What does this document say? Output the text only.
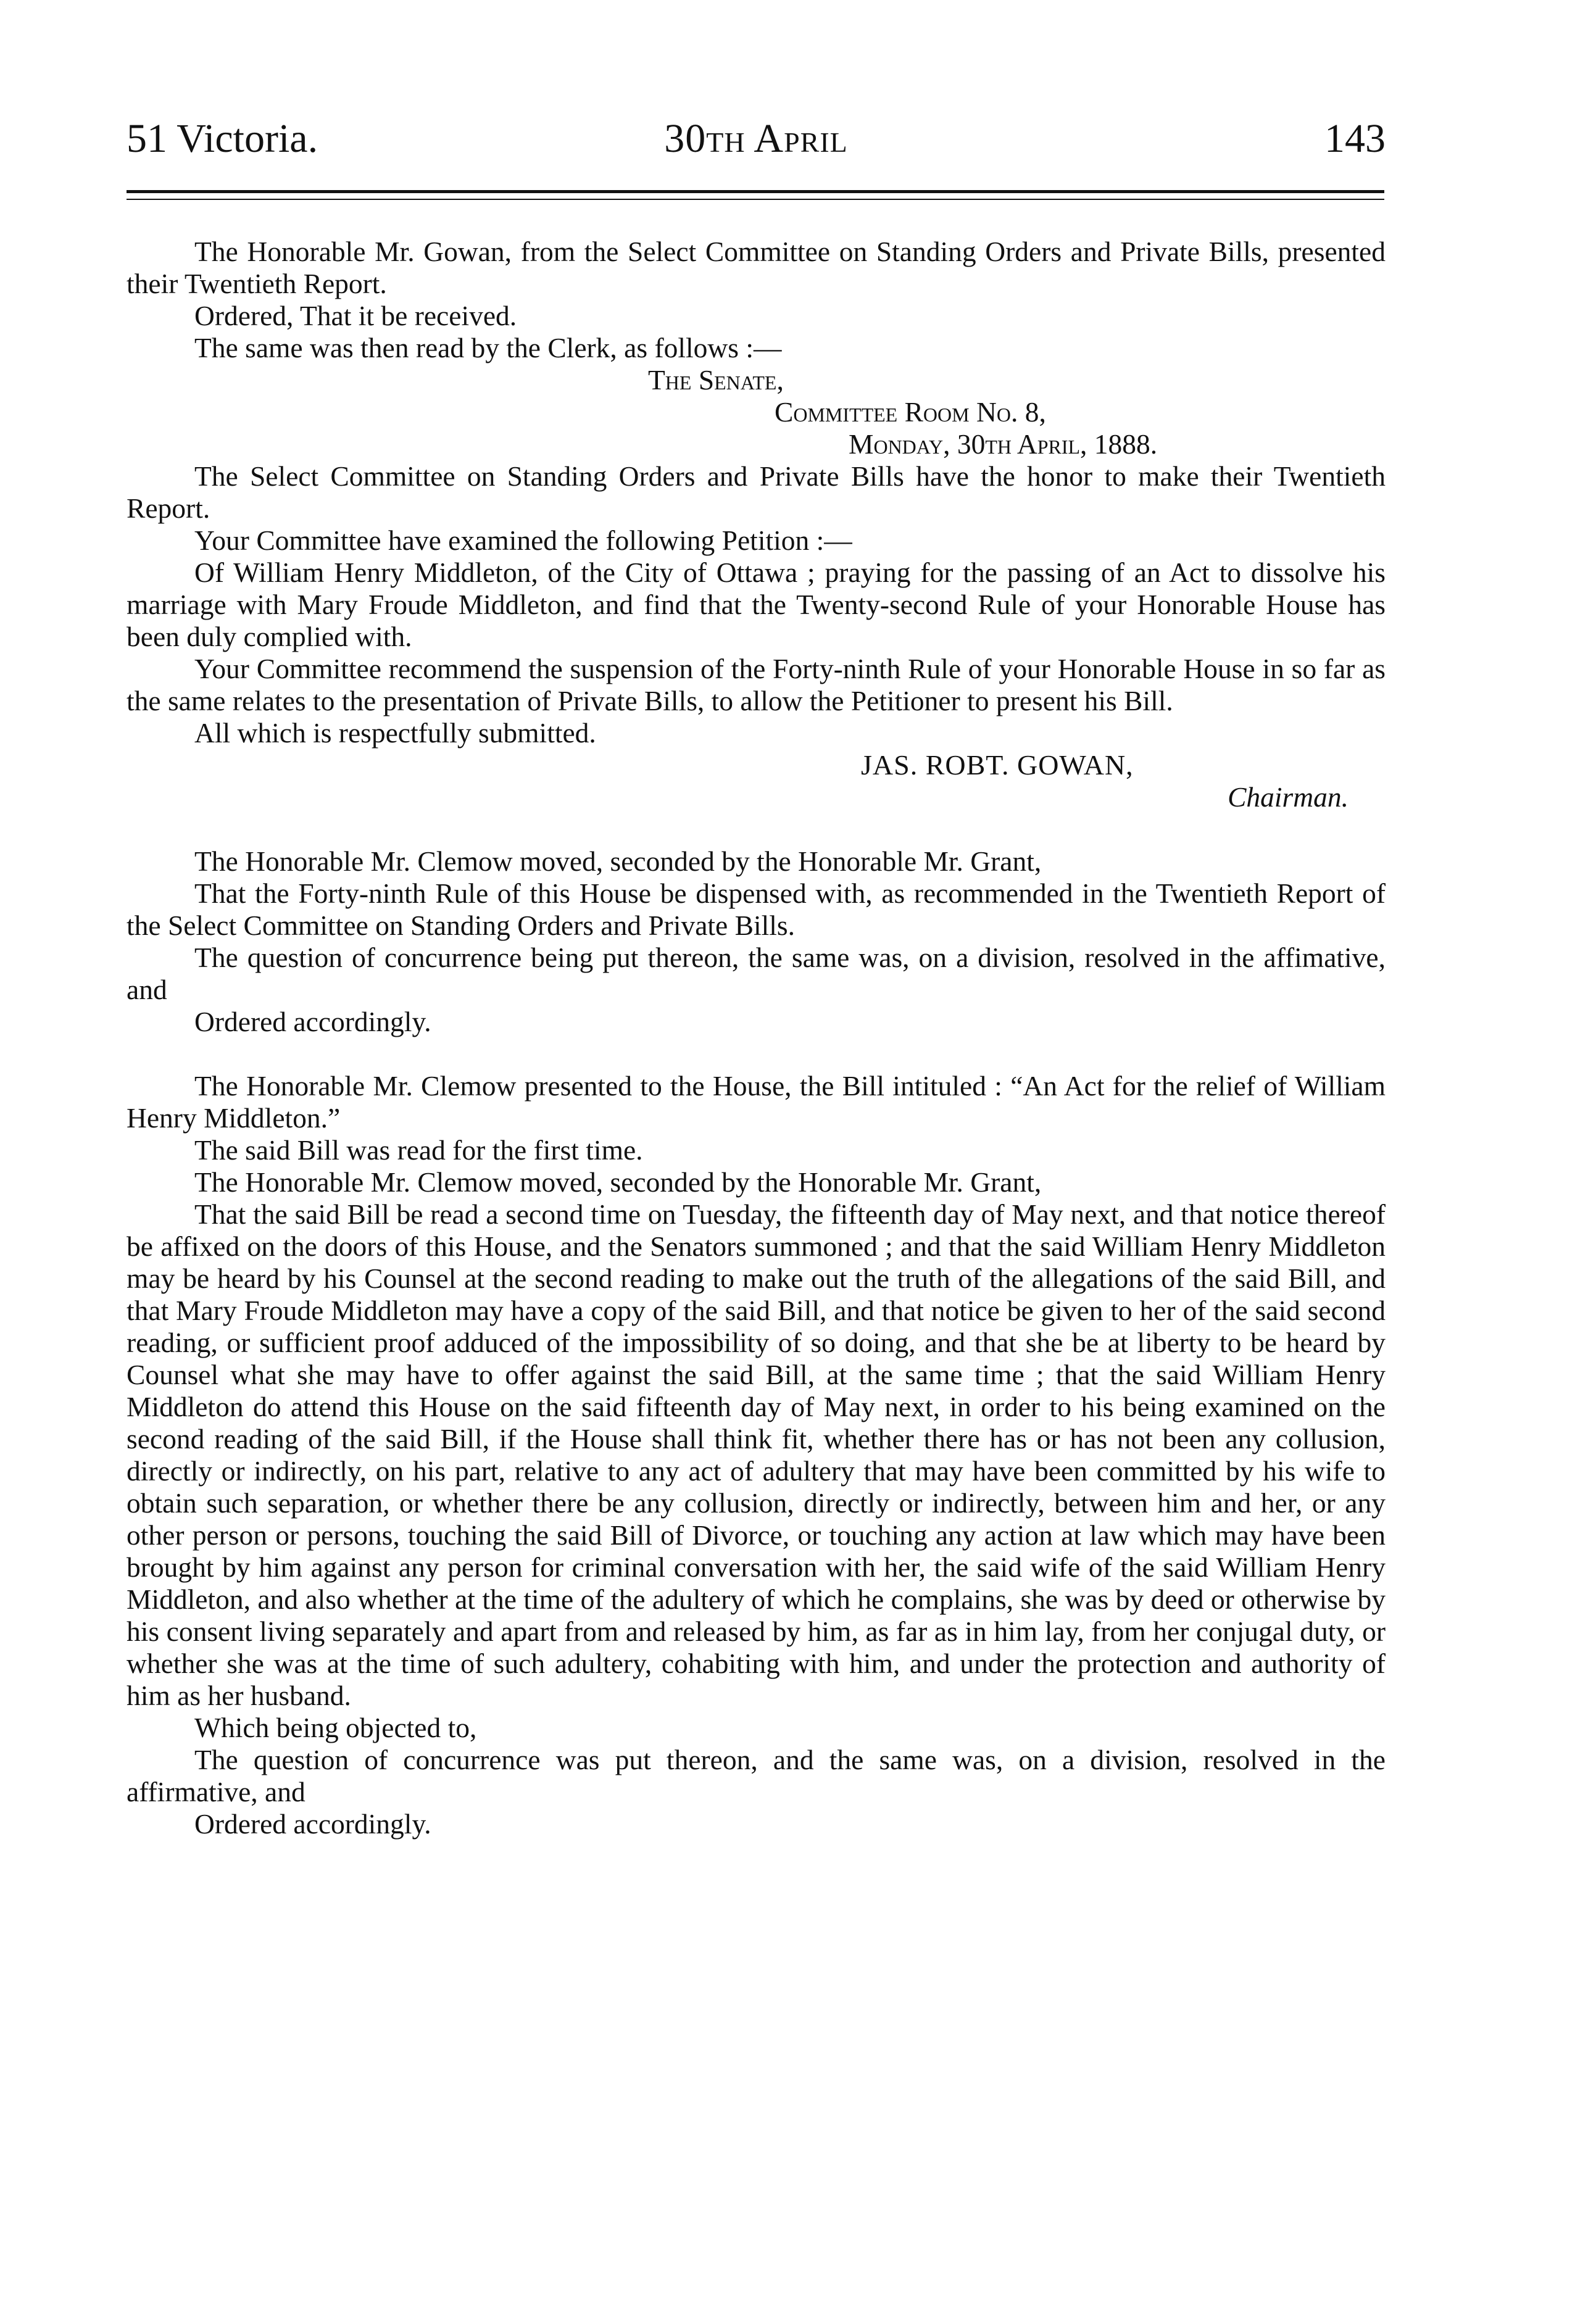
51 Victoria.	30th April	143

The Honorable Mr. Gowan, from the Select Committee on Standing Orders and Private Bills, presented their Twentieth Report.

Ordered, That it be received.

The same was then read by the Clerk, as follows :—

The Senate,

Committee Room No. 8,

Monday, 30th April, 1888.

The Select Committee on Standing Orders and Private Bills have the honor to make their Twentieth Report.

Your Committee have examined the following Petition :—

Of William Henry Middleton, of the City of Ottawa ; praying for the passing of an Act to dissolve his marriage with Mary Froude Middleton, and find that the Twenty-second Rule of your Honorable House has been duly complied with.

Your Committee recommend the suspension of the Forty-ninth Rule of your Honorable House in so far as the same relates to the presentation of Private Bills, to allow the Petitioner to present his Bill.

All which is respectfully submitted.

JAS. ROBT. GOWAN,

Chairman.

The Honorable Mr. Clemow moved, seconded by the Honorable Mr. Grant,

That the Forty-ninth Rule of this House be dispensed with, as recommended in the Twentieth Report of the Select Committee on Standing Orders and Private Bills.

The question of concurrence being put thereon, the same was, on a division, resolved in the affimative, and

Ordered accordingly.

The Honorable Mr. Clemow presented to the House, the Bill intituled : “An Act for the relief of William Henry Middleton.”

The said Bill was read for the first time.

The Honorable Mr. Clemow moved, seconded by the Honorable Mr. Grant,

That the said Bill be read a second time on Tuesday, the fifteenth day of May next, and that notice thereof be affixed on the doors of this House, and the Senators summoned ; and that the said William Henry Middleton may be heard by his Counsel at the second reading to make out the truth of the allegations of the said Bill, and that Mary Froude Middleton may have a copy of the said Bill, and that notice be given to her of the said second reading, or sufficient proof adduced of the impossibility of so doing, and that she be at liberty to be heard by Counsel what she may have to offer against the said Bill, at the same time ; that the said William Henry Middleton do attend this House on the said fifteenth day of May next, in order to his being examined on the second reading of the said Bill, if the House shall think fit, whether there has or has not been any collusion, directly or indirectly, on his part, relative to any act of adultery that may have been committed by his wife to obtain such separation, or whether there be any collusion, directly or indirectly, between him and her, or any other person or persons, touching the said Bill of Divorce, or touching any action at law which may have been brought by him against any person for criminal conversation with her, the said wife of the said William Henry Middleton, and also whether at the time of the adultery of which he complains, she was by deed or otherwise by his consent living separately and apart from and released by him, as far as in him lay, from her conjugal duty, or whether she was at the time of such adultery, cohabiting with him, and under the protection and authority of him as her husband.

Which being objected to,

The question of concurrence was put thereon, and the same was, on a division, resolved in the affirmative, and

Ordered accordingly.
